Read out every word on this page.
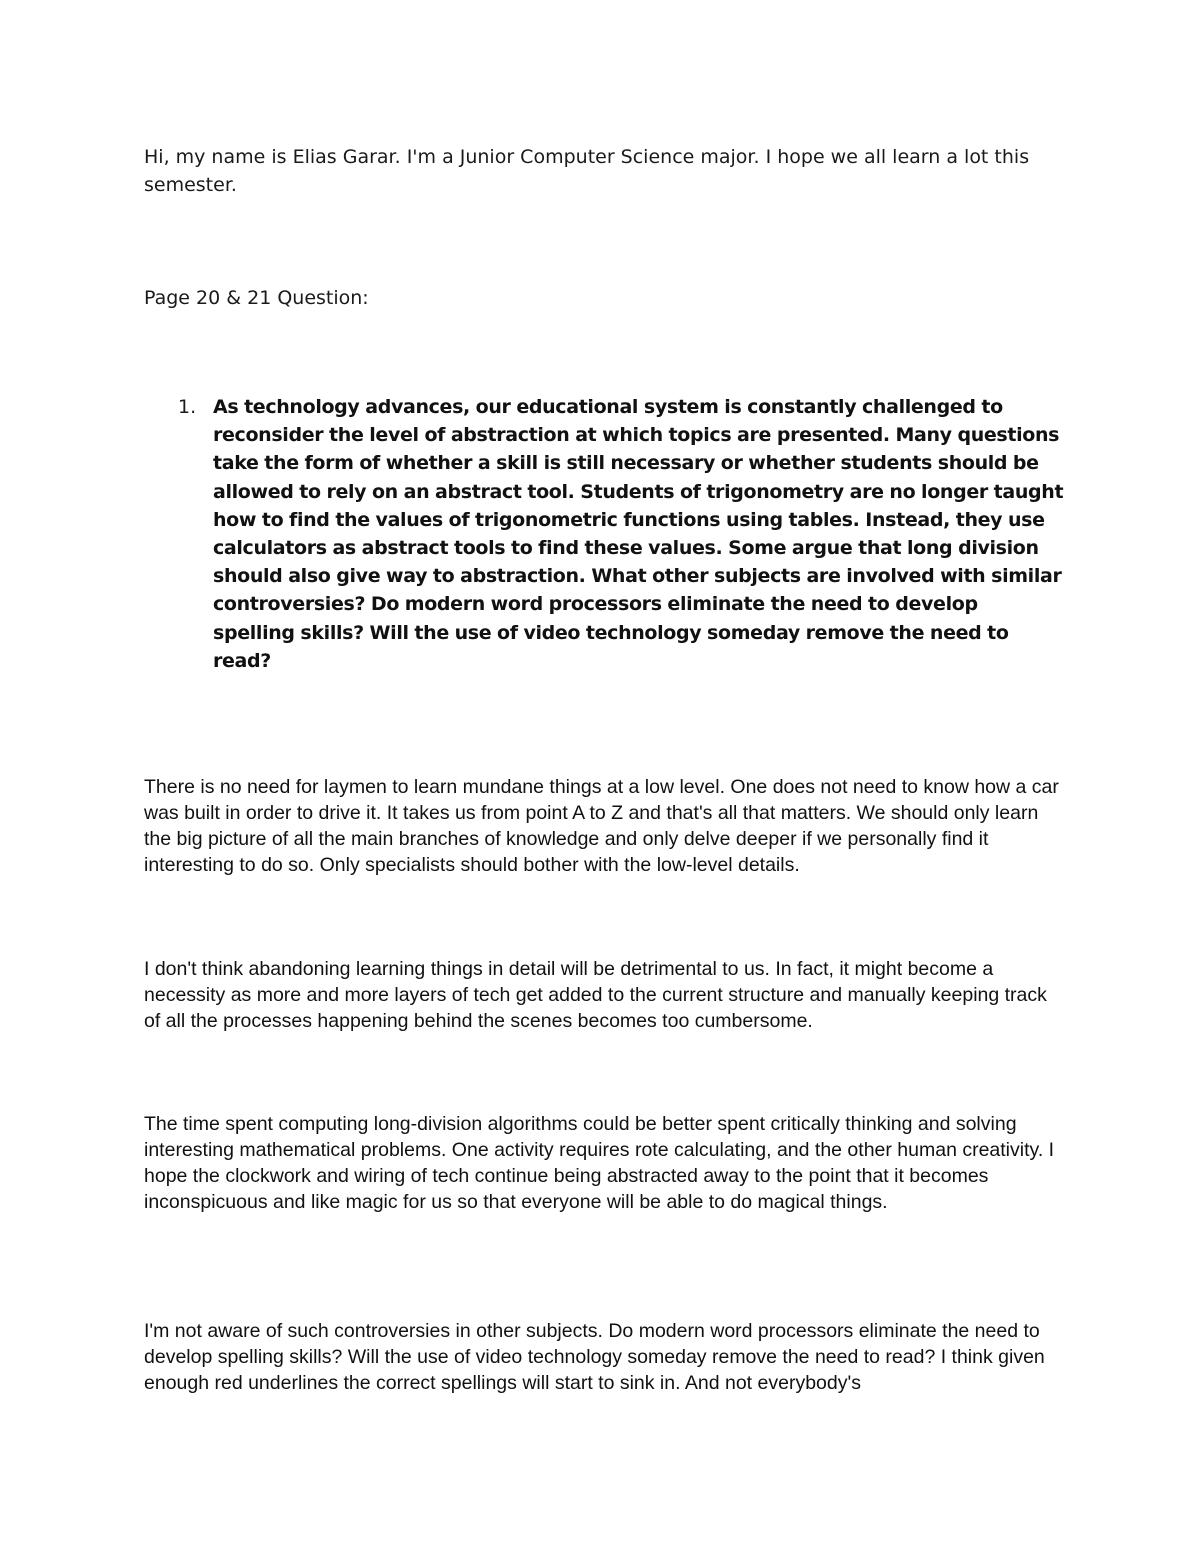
Hi, my name is Elias Garar. I'm a Junior Computer Science major. I hope we all learn a lot this semester.

Page 20 & 21 Question:

1. As technology advances, our educational system is constantly challenged to reconsider the level of abstraction at which topics are presented. Many questions take the form of whether a skill is still necessary or whether students should be allowed to rely on an abstract tool. Students of trigonometry are no longer taught how to find the values of trigonometric functions using tables. Instead, they use calculators as abstract tools to find these values. Some argue that long division should also give way to abstraction. What other subjects are involved with similar controversies? Do modern word processors eliminate the need to develop spelling skills? Will the use of video technology someday remove the need to read?

There is no need for laymen to learn mundane things at a low level. One does not need to know how a car was built in order to drive it. It takes us from point A to Z and that's all that matters. We should only learn the big picture of all the main branches of knowledge and only delve deeper if we personally find it interesting to do so. Only specialists should bother with the low-level details.

I don't think abandoning learning things in detail will be detrimental to us. In fact, it might become a necessity as more and more layers of tech get added to the current structure and manually keeping track of all the processes happening behind the scenes becomes too cumbersome.

The time spent computing long-division algorithms could be better spent critically thinking and solving interesting mathematical problems. One activity requires rote calculating, and the other human creativity. I hope the clockwork and wiring of tech continue being abstracted away to the point that it becomes inconspicuous and like magic for us so that everyone will be able to do magical things.

I'm not aware of such controversies in other subjects. Do modern word processors eliminate the need to develop spelling skills? Will the use of video technology someday remove the need to read? I think given enough red underlines the correct spellings will start to sink in. And not everybody's
